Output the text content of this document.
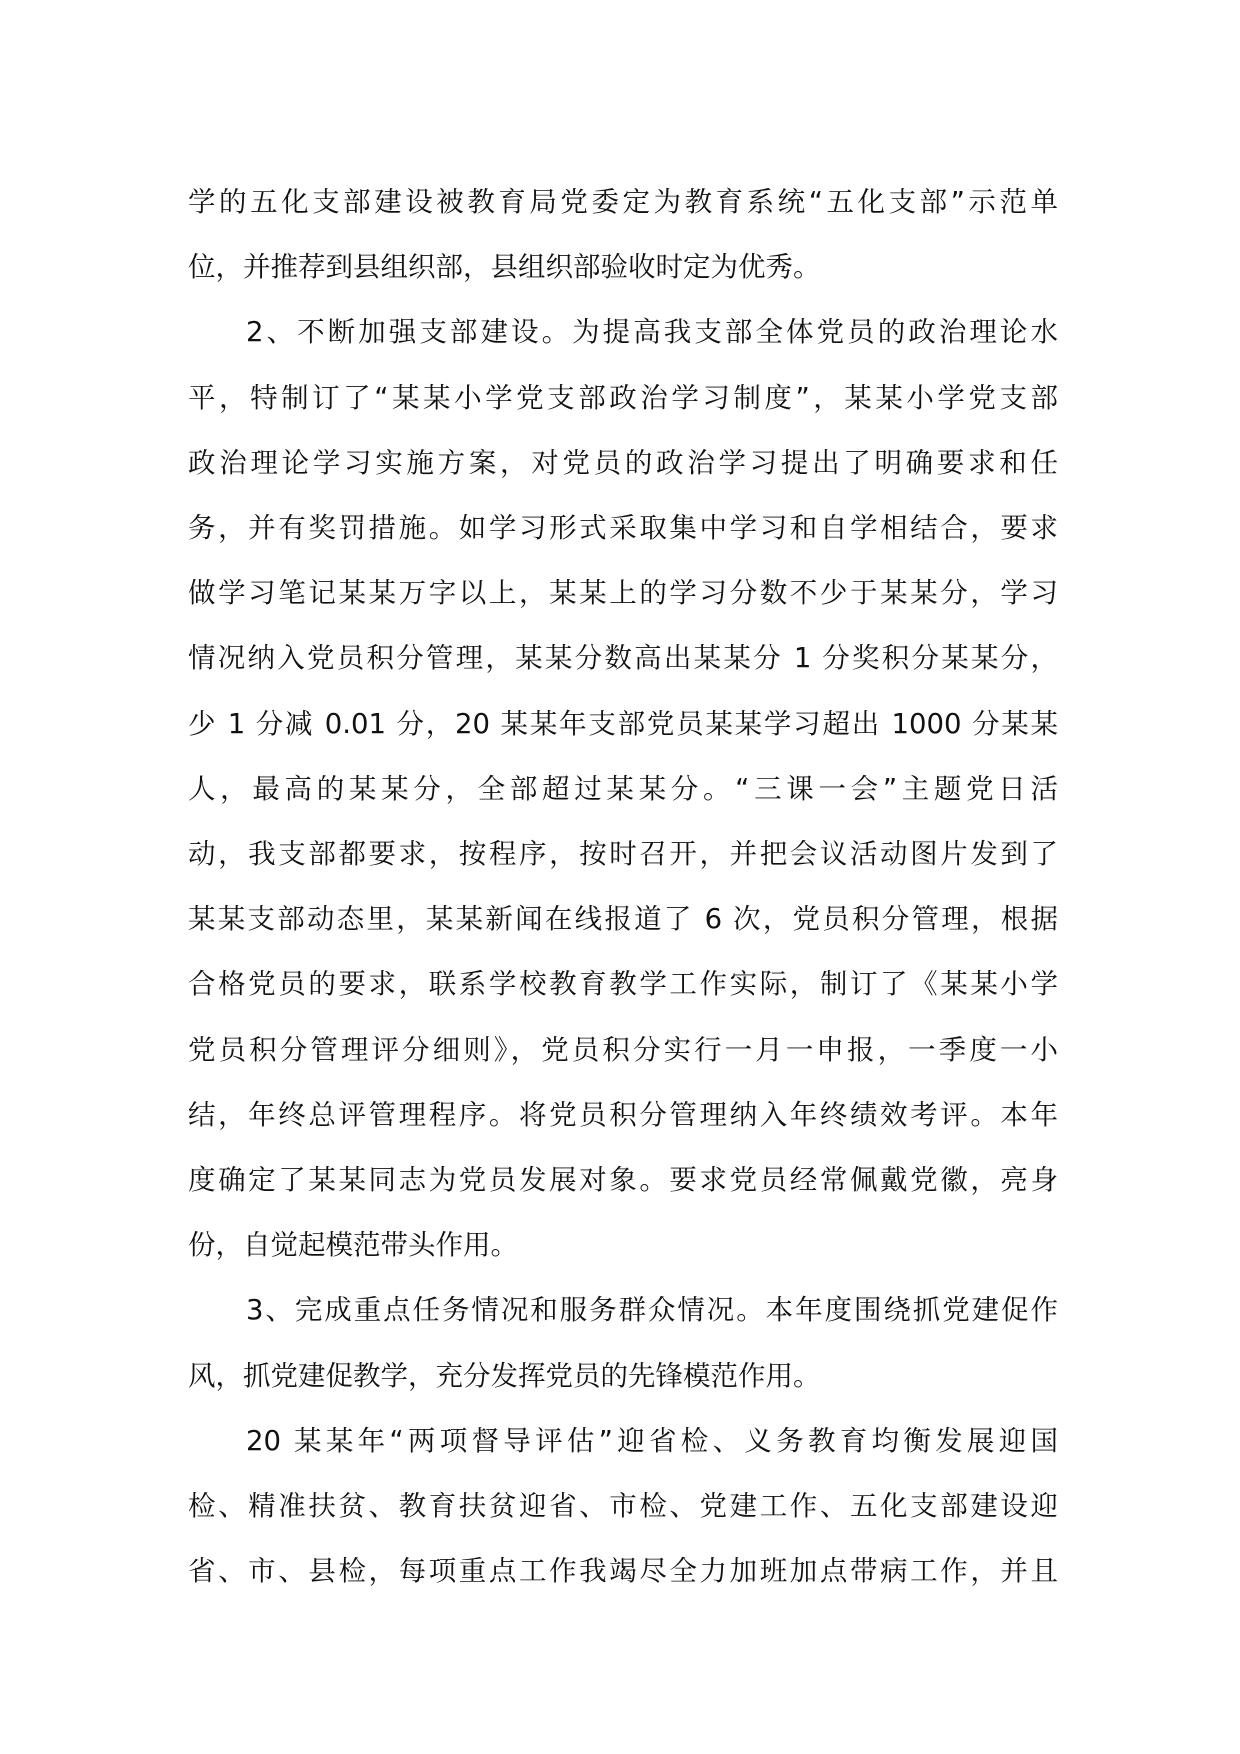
学的五化支部建设被教育局党委定为教育系统“五化支部”示范单
位，并推荐到县组织部，县组织部验收时定为优秀。
2、不断加强支部建设。为提高我支部全体党员的政治理论水
平，特制订了“某某小学党支部政治学习制度”，某某小学党支部
政治理论学习实施方案，对党员的政治学习提出了明确要求和任
务，并有奖罚措施。如学习形式采取集中学习和自学相结合，要求
做学习笔记某某万字以上，某某上的学习分数不少于某某分，学习
情况纳入党员积分管理，某某分数高出某某分 1 分奖积分某某分，
少 1 分减 0.01 分，20 某某年支部党员某某学习超出 1000 分某某
人，最高的某某分，全部超过某某分。“三课一会”主题党日活
动，我支部都要求，按程序，按时召开，并把会议活动图片发到了
某某支部动态里，某某新闻在线报道了 6 次，党员积分管理，根据
合格党员的要求，联系学校教育教学工作实际，制订了《某某小学
党员积分管理评分细则》，党员积分实行一月一申报，一季度一小
结，年终总评管理程序。将党员积分管理纳入年终绩效考评。本年
度确定了某某同志为党员发展对象。要求党员经常佩戴党徽，亮身
份，自觉起模范带头作用。
3、完成重点任务情况和服务群众情况。本年度围绕抓党建促作
风，抓党建促教学，充分发挥党员的先锋模范作用。
20 某某年“两项督导评估”迎省检、义务教育均衡发展迎国
检、精准扶贫、教育扶贫迎省、市检、党建工作、五化支部建设迎
省、市、县检，每项重点工作我竭尽全力加班加点带病工作，并且
